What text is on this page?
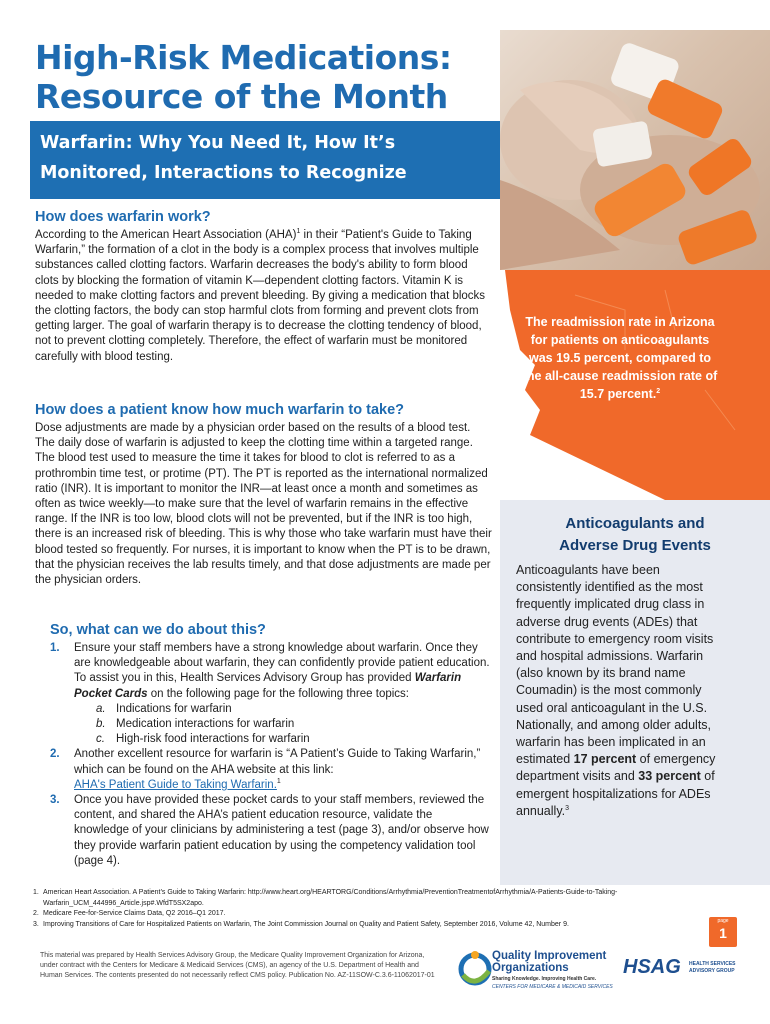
High-Risk Medications:
Resource of the Month
Warfarin: Why You Need It, How It’s
Monitored, Interactions to Recognize
The readmission rate in Arizona for patients on anticoagulants was 19.5 percent, compared to the all-cause readmission rate of 15.7 percent.$^2$
How does warfarin work?
According to the American Heart Association (AHA)$^1$ in their “Patient's Guide to Taking Warfarin,” the formation of a clot in the body is a complex process that involves multiple substances called clotting factors. Warfarin decreases the body's ability to form blood clots by blocking the formation of vitamin K—dependent clotting factors. Vitamin K is needed to make clotting factors and prevent bleeding. By giving a medication that blocks the clotting factors, the body can stop harmful clots from forming and prevent clots from getting larger. The goal of warfarin therapy is to decrease the clotting tendency of blood, not to prevent clotting completely. Therefore, the effect of warfarin must be monitored carefully with blood testing.
How does a patient know how much warfarin to take?
Dose adjustments are made by a physician order based on the results of a blood test. The daily dose of warfarin is adjusted to keep the clotting time within a targeted range. The blood test used to measure the time it takes for blood to clot is referred to as a prothrombin time test, or protime (PT). The PT is reported as the international normalized ratio (INR). It is important to monitor the INR—at least once a month and sometimes as often as twice weekly—to make sure that the level of warfarin remains in the effective range. If the INR is too low, blood clots will not be prevented, but if the INR is too high, there is an increased risk of bleeding. This is why those who take warfarin must have their blood tested so frequently. For nurses, it is important to know when the PT is to be drawn, that the physician receives the lab results timely, and that dose adjustments are made per the physician orders.
So, what can we do about this?
1. Ensure your staff members have a strong knowledge about warfarin. Once they are knowledgeable about warfarin, they can confidently provide patient education. To assist you in this, Health Services Advisory Group has provided Warfarin Pocket Cards on the following page for the following three topics:
a. Indications for warfarin
b. Medication interactions for warfarin
c. High-risk food interactions for warfarin
2. Another excellent resource for warfarin is “A Patient’s Guide to Taking Warfarin,” which can be found on the AHA website at this link:
AHA's Patient Guide to Taking Warfarin.$^1$
3. Once you have provided these pocket cards to your staff members, reviewed the content, and shared the AHA’s patient education resource, validate the knowledge of your clinicians by administering a test (page 3), and/or observe how they provide warfarin patient education by using the competency validation tool (page 4).
Anticoagulants and
Adverse Drug Events
Anticoagulants have been consistently identified as the most frequently implicated drug class in adverse drug events (ADEs) that contribute to emergency room visits and hospital admissions. Warfarin (also known by its brand name Coumadin) is the most commonly used oral anticoagulant in the U.S. Nationally, and among older adults, warfarin has been implicated in an estimated 17 percent of emergency department visits and 33 percent of emergent hospitalizations for ADEs annually.$^3$
1. American Heart Association. A Patient’s Guide to Taking Warfarin: http://www.heart.org/HEARTORG/Conditions/Arrhythmia/PreventionTreatmentofArrhythmia/A-Patients-Guide-to-Taking-Warfarin_UCM_444996_Article.jsp#.WfdT5SX2apo.
2. Medicare Fee-for-Service Claims Data, Q2 2016–Q1 2017.
3. Improving Transitions of Care for Hospitalized Patients on Warfarin, The Joint Commission Journal on Quality and Patient Safety, September 2016, Volume 42, Number 9.	page
1
This material was prepared by Health Services Advisory Group, the Medicare Quality Improvement Organization for Arizona, under contract with the Centers for Medicare & Medicaid Services (CMS), an agency of the U.S. Department of Health and Human Services. The contents presented do not necessarily reflect CMS policy. Publication No. AZ-11SOW-C.3.6-11062017-01
Quality Improvement
Organizations
Sharing Knowledge. Improving Health Care.
CENTERS FOR MEDICARE & MEDICAID SERVICES
HSAG HEALTH SERVICES ADVISORY GROUP
